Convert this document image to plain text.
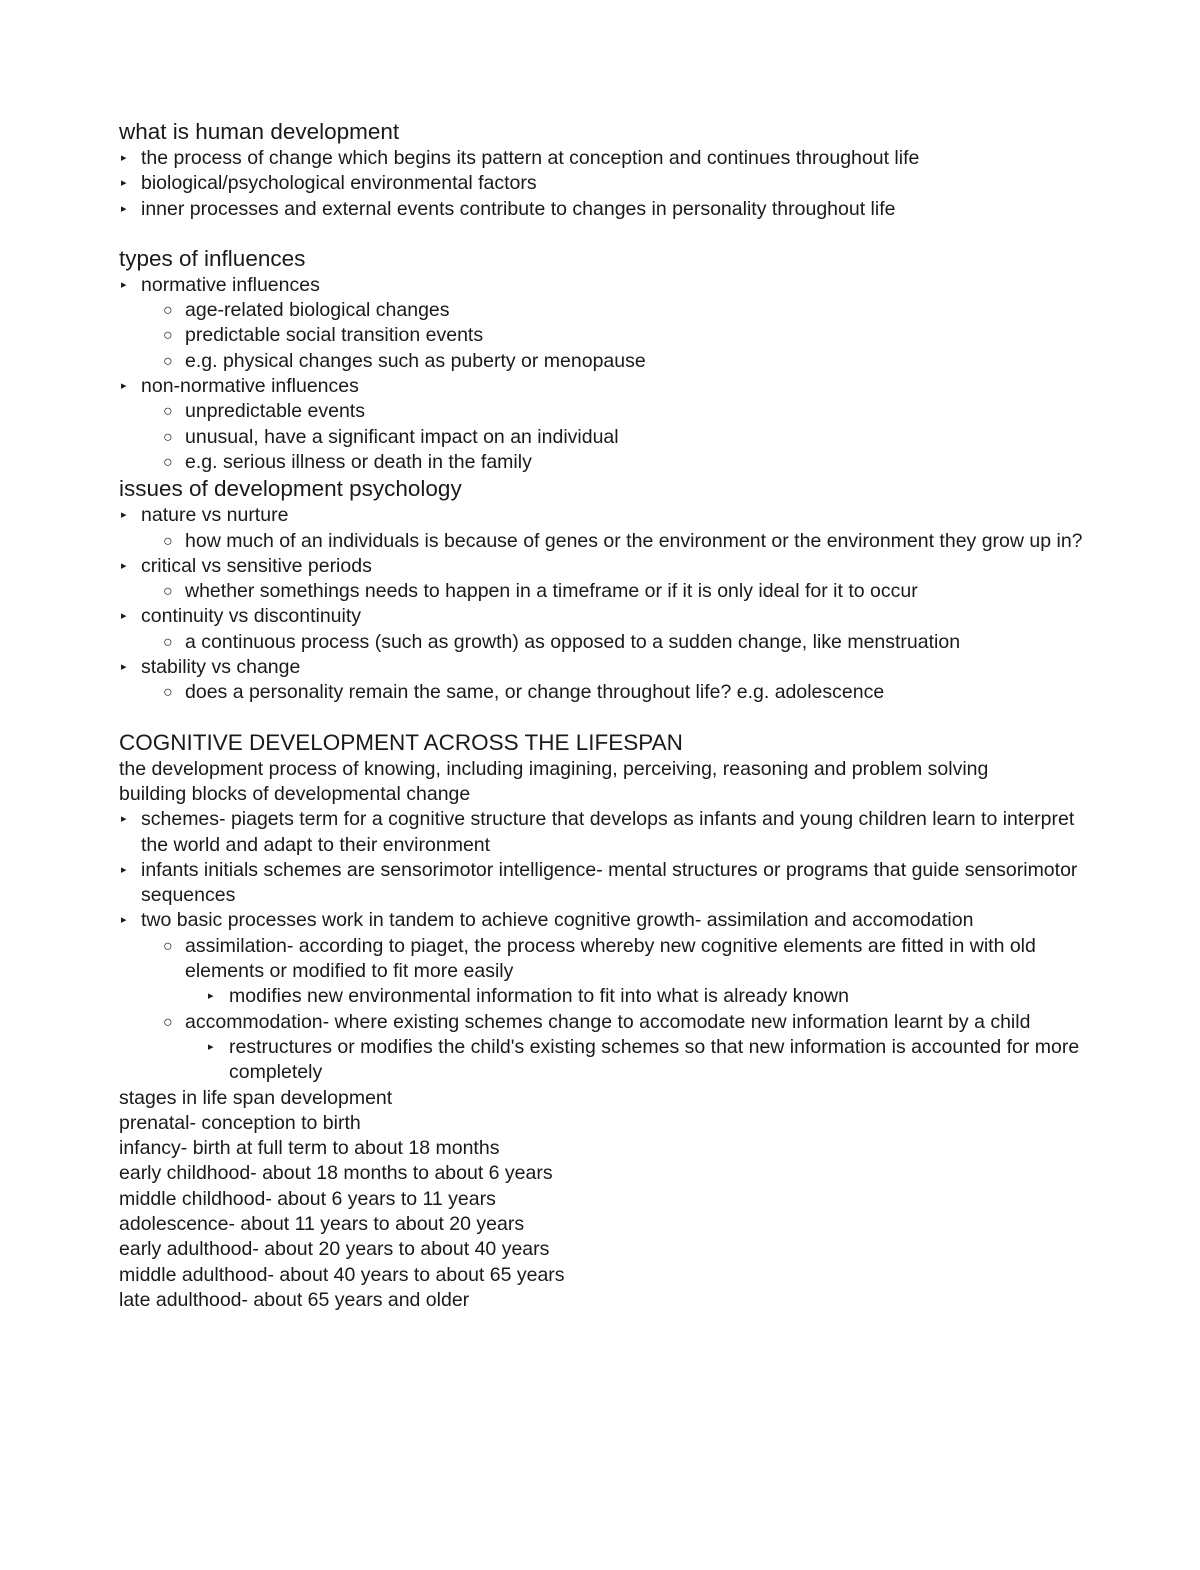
what is human development
▸ the process of change which begins its pattern at conception and continues throughout life
▸ biological/psychological environmental factors
▸ inner processes and external events contribute to changes in personality throughout life
types of influences
▸ normative influences
○ age-related biological changes
○ predictable social transition events
○ e.g. physical changes such as puberty or menopause
▸ non-normative influences
○ unpredictable events
○ unusual, have a significant impact on an individual
○ e.g. serious illness or death in the family
issues of development psychology
▸ nature vs nurture
○ how much of an individuals is because of genes or the environment or the environment they grow up in?
▸ critical vs sensitive periods
○ whether somethings needs to happen in a timeframe or if it is only ideal for it to occur
▸ continuity vs discontinuity
○ a continuous process (such as growth) as opposed to a sudden change, like menstruation
▸ stability vs change
○ does a personality remain the same, or change throughout life? e.g. adolescence
COGNITIVE DEVELOPMENT ACROSS THE LIFESPAN

the development process of knowing, including imagining, perceiving, reasoning and problem solving

building blocks of developmental change

▸ schemes- piagets term for a cognitive structure that develops as infants and young children learn to interpret the world and adapt to their environment
▸ infants initials schemes are sensorimotor intelligence- mental structures or programs that guide sensorimotor sequences
▸ two basic processes work in tandem to achieve cognitive growth- assimilation and accomodation
○ assimilation- according to piaget, the process whereby new cognitive elements are fitted in with old elements or modified to fit more easily
▸ modifies new environmental information to fit into what is already known
○ accommodation- where existing schemes change to accomodate new information learnt by a child
▸ restructures or modifies the child's existing schemes so that new information is accounted for more completely

stages in life span development

prenatal- conception to birth

infancy- birth at full term to about 18 months

early childhood- about 18 months to about 6 years

middle childhood- about 6 years to 11 years

adolescence- about 11 years to about 20 years

early adulthood- about 20 years to about 40 years

middle adulthood- about 40 years to about 65 years

late adulthood- about 65 years and older
